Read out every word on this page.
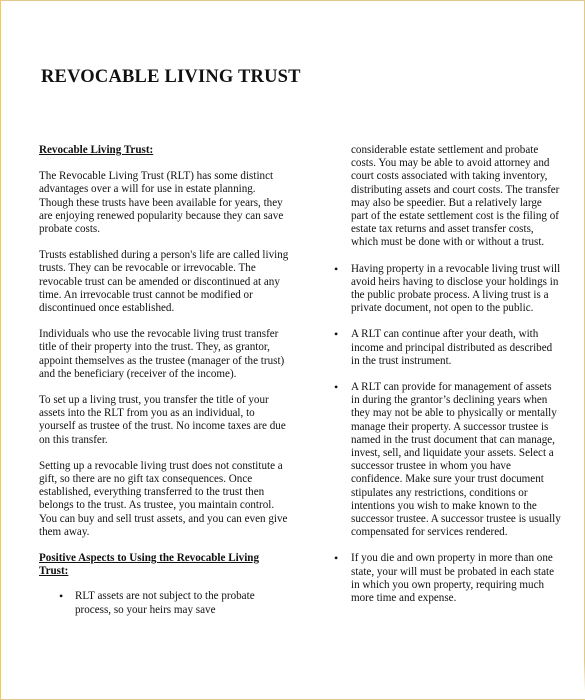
REVOCABLE LIVING TRUST

Revocable Living Trust:

The Revocable Living Trust (RLT) has some distinct advantages over a will for use in estate planning. Though these trusts have been available for years, they are enjoying renewed popularity because they can save probate costs.

Trusts established during a person's life are called living trusts. They can be revocable or irrevocable. The revocable trust can be amended or discontinued at any time. An irrevocable trust cannot be modified or discontinued once established.

Individuals who use the revocable living trust transfer title of their property into the trust. They, as grantor, appoint themselves as the trustee (manager of the trust) and the beneficiary (receiver of the income).

To set up a living trust, you transfer the title of your assets into the RLT from you as an individual, to yourself as trustee of the trust. No income taxes are due on this transfer.

Setting up a revocable living trust does not constitute a gift, so there are no gift tax consequences. Once established, everything transferred to the trust then belongs to the trust. As trustee, you maintain control. You can buy and sell trust assets, and you can even give them away.

Positive Aspects to Using the Revocable Living Trust:

• RLT assets are not subject to the probate process, so your heirs may save

considerable estate settlement and probate costs. You may be able to avoid attorney and court costs associated with taking inventory, distributing assets and court costs. The transfer may also be speedier. But a relatively large part of the estate settlement cost is the filing of estate tax returns and asset transfer costs, which must be done with or without a trust.

• Having property in a revocable living trust will avoid heirs having to disclose your holdings in the public probate process. A living trust is a private document, not open to the public.
• A RLT can continue after your death, with income and principal distributed as described in the trust instrument.
• A RLT can provide for management of assets in during the grantor’s declining years when they may not be able to physically or mentally manage their property. A successor trustee is named in the trust document that can manage, invest, sell, and liquidate your assets. Select a successor trustee in whom you have confidence. Make sure your trust document stipulates any restrictions, conditions or intentions you wish to make known to the successor trustee. A successor trustee is usually compensated for services rendered.
• If you die and own property in more than one state, your will must be probated in each state in which you own property, requiring much more time and expense.
